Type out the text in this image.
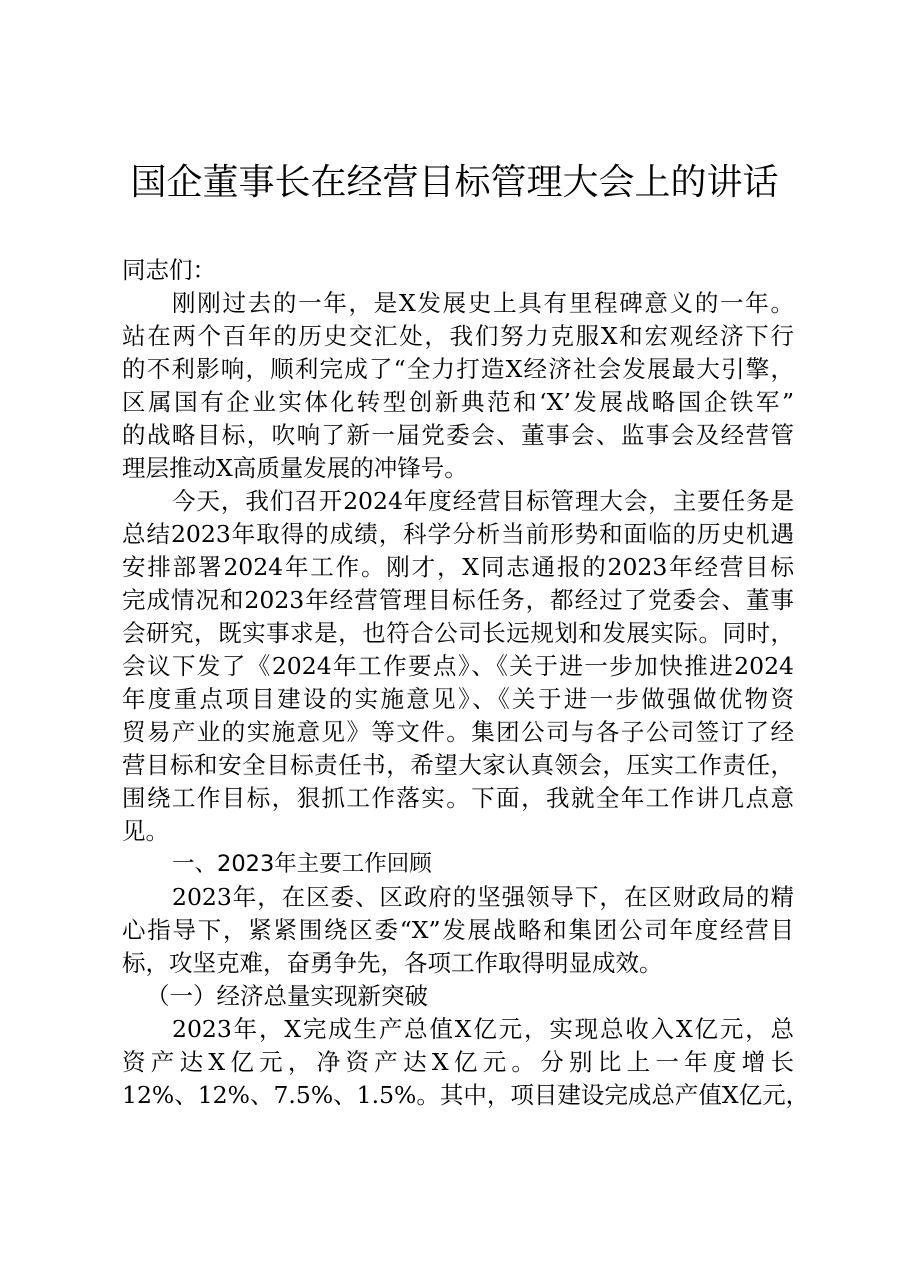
国企董事长在经营目标管理大会上的讲话
同志们：
刚刚过去的一年，是X发展史上具有里程碑意义的一年。
站在两个百年的历史交汇处，我们努力克服X和宏观经济下行
的不利影响，顺利完成了“全力打造X经济社会发展最大引擎，
区属国有企业实体化转型创新典范和‘X’发展战略国企铁军”
的战略目标，吹响了新一届党委会、董事会、监事会及经营管
理层推动X高质量发展的冲锋号。
今天，我们召开2024年度经营目标管理大会，主要任务是
总结2023年取得的成绩，科学分析当前形势和面临的历史机遇
安排部署2024年工作。刚才，X同志通报的2023年经营目标
完成情况和2023年经营管理目标任务，都经过了党委会、董事
会研究，既实事求是，也符合公司长远规划和发展实际。同时，
会议下发了《2024年工作要点》、《关于进一步加快推进2024
年度重点项目建设的实施意见》、《关于进一步做强做优物资
贸易产业的实施意见》等文件。集团公司与各子公司签订了经
营目标和安全目标责任书，希望大家认真领会，压实工作责任，
围绕工作目标，狠抓工作落实。下面，我就全年工作讲几点意
见。
一、2023年主要工作回顾
2023年，在区委、区政府的坚强领导下，在区财政局的精
心指导下，紧紧围绕区委“X”发展战略和集团公司年度经营目
标，攻坚克难，奋勇争先，各项工作取得明显成效。
（一）经济总量实现新突破
2023年，X完成生产总值X亿元，实现总收入X亿元，总
资产达X亿元，净资产达X亿元。分别比上一年度增长
12%、12%、7.5%、1.5%。其中，项目建设完成总产值X亿元，
